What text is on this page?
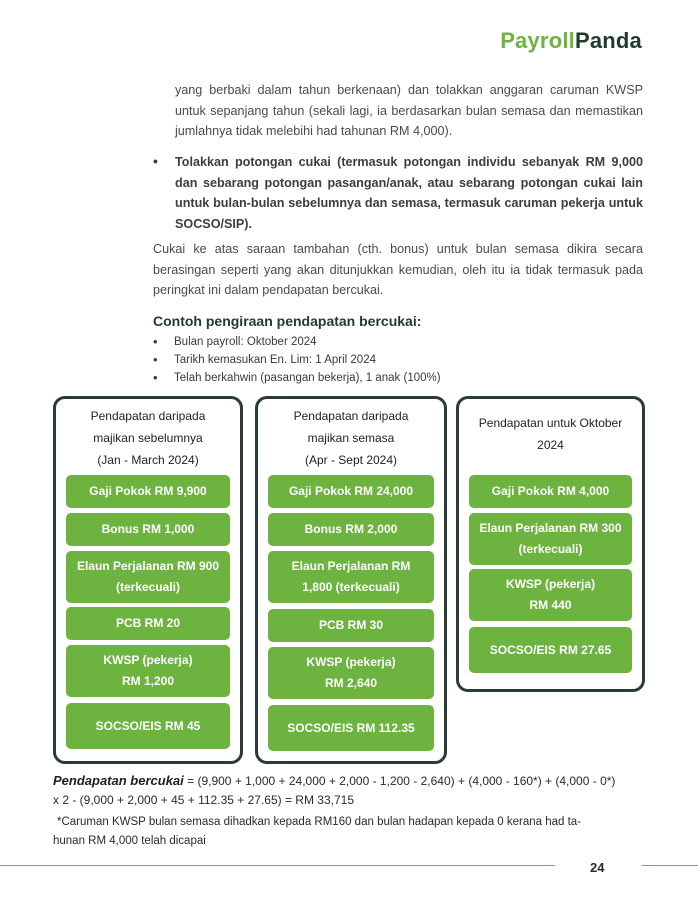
PayrollPanda
yang berbaki dalam tahun berkenaan) dan tolakkan anggaran caruman KWSP untuk sepanjang tahun (sekali lagi, ia berdasarkan bulan semasa dan memastikan jumlahnya tidak melebihi had tahunan RM 4,000).
• Tolakkan potongan cukai (termasuk potongan individu sebanyak RM 9,000 dan sebarang potongan pasangan/anak, atau sebarang potongan cukai lain untuk bulan-bulan sebelumnya dan semasa, termasuk caruman pekerja untuk SOCSO/SIP).
Cukai ke atas saraan tambahan (cth. bonus) untuk bulan semasa dikira secara berasingan seperti yang akan ditunjukkan kemudian, oleh itu ia tidak termasuk pada peringkat ini dalam pendapatan bercukai.
Contoh pengiraan pendapatan bercukai:
• Bulan payroll: Oktober 2024
• Tarikh kemasukan En. Lim: 1 April 2024
• Telah berkahwin (pasangan bekerja), 1 anak (100%)
Pendapatan daripada
majikan sebelumnya
(Jan - March 2024)
Gaji Pokok RM 9,900
Bonus RM 1,000
Elaun Perjalanan RM 900
(terkecuali)
PCB RM 20
KWSP (pekerja)
RM 1,200
SOCSO/EIS RM 45
Pendapatan daripada
majikan semasa
(Apr - Sept 2024)
Gaji Pokok RM 24,000
Bonus RM 2,000
Elaun Perjalanan RM
1,800 (terkecuali)
PCB RM 30
KWSP (pekerja)
RM 2,640
SOCSO/EIS RM 112.35
Pendapatan untuk Oktober
2024
Gaji Pokok RM 4,000
Elaun Perjalanan RM 300
(terkecuali)
KWSP (pekerja)
RM 440
SOCSO/EIS RM 27.65
Pendapatan bercukai = (9,900 + 1,000 + 24,000 + 2,000 - 1,200 - 2,640) + (4,000 - 160*) + (4,000 - 0*)
x 2 - (9,000 + 2,000 + 45 + 112.35 + 27.65) = RM 33,715
*Caruman KWSP bulan semasa dihadkan kepada RM160 dan bulan hadapan kepada 0 kerana had ta-
hunan RM 4,000 telah dicapai
24
